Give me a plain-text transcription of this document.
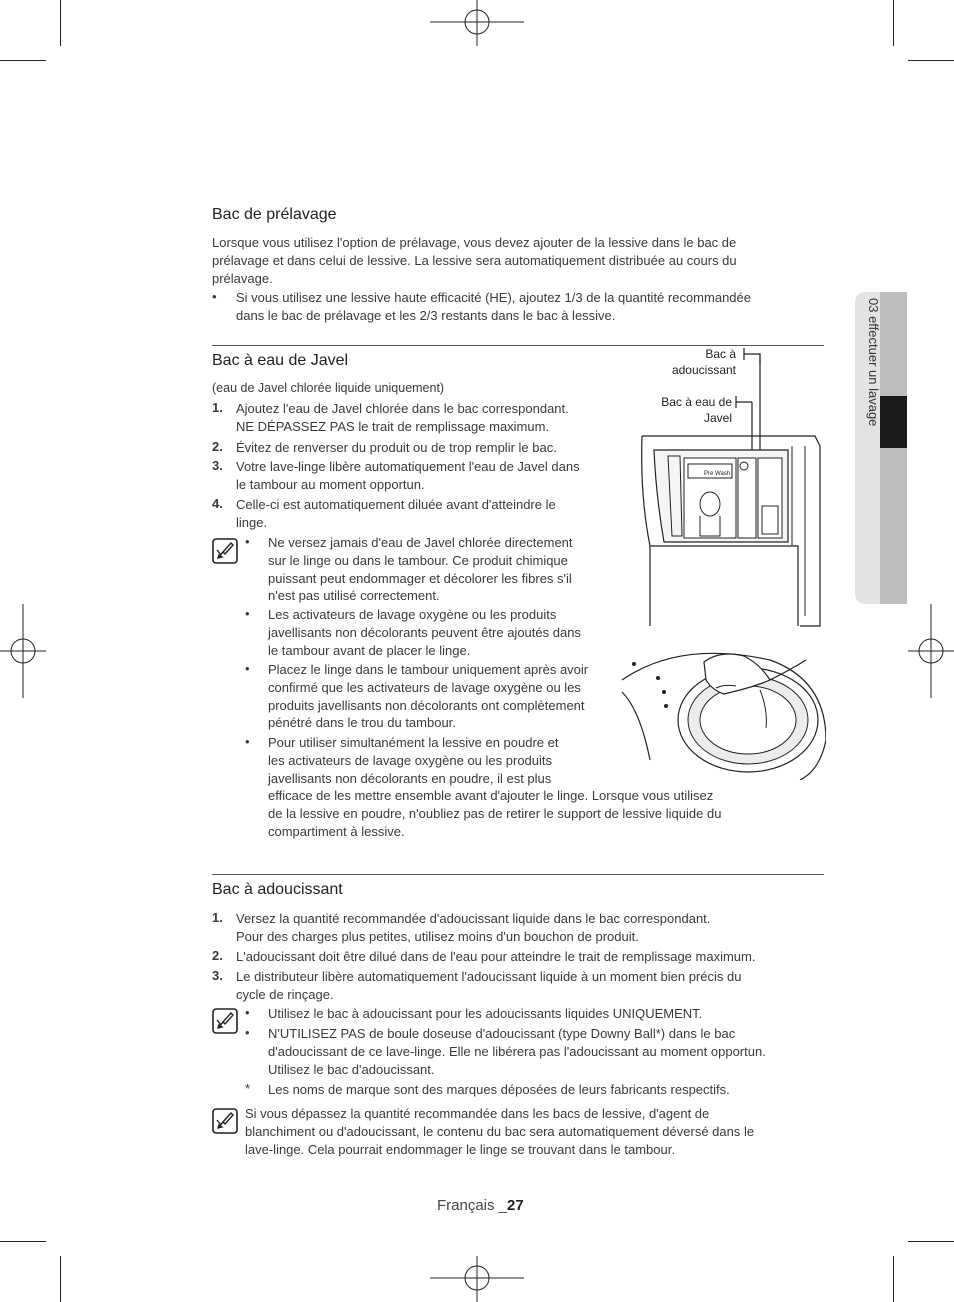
03 effectuer un lavage
Bac de prélavage
Lorsque vous utilisez l'option de prélavage, vous devez ajouter de la lessive dans le bac de
prélavage et dans celui de lessive. La lessive sera automatiquement distribuée au cours du
prélavage.
• Si vous utilisez une lessive haute efficacité (HE), ajoutez 1/3 de la quantité recommandée
dans le bac de prélavage et les 2/3 restants dans le bac à lessive.
Bac à eau de Javel
(eau de Javel chlorée liquide uniquement)
1. Ajoutez l'eau de Javel chlorée dans le bac correspondant.
NE DÉPASSEZ PAS le trait de remplissage maximum.
2. Évitez de renverser du produit ou de trop remplir le bac.
3. Votre lave-linge libère automatiquement l'eau de Javel dans
le tambour au moment opportun.
4. Celle-ci est automatiquement diluée avant d'atteindre le
linge.
• Ne versez jamais d'eau de Javel chlorée directement
sur le linge ou dans le tambour. Ce produit chimique
puissant peut endommager et décolorer les fibres s'il
n'est pas utilisé correctement.
• Les activateurs de lavage oxygène ou les produits
javellisants non décolorants peuvent être ajoutés dans
le tambour avant de placer le linge.
• Placez le linge dans le tambour uniquement après avoir
confirmé que les activateurs de lavage oxygène ou les
produits javellisants non décolorants ont complètement
pénétré dans le trou du tambour.
• Pour utiliser simultanément la lessive en poudre et
les activateurs de lavage oxygène ou les produits
javellisants non décolorants en poudre, il est plus
efficace de les mettre ensemble avant d'ajouter le linge. Lorsque vous utilisez
de la lessive en poudre, n'oubliez pas de retirer le support de lessive liquide du
compartiment à lessive.
Bac à
adoucissant
Bac à eau de
Javel
Pre Wash
Bac à adoucissant
1. Versez la quantité recommandée d'adoucissant liquide dans le bac correspondant.
Pour des charges plus petites, utilisez moins d'un bouchon de produit.
2. L'adoucissant doit être dilué dans de l'eau pour atteindre le trait de remplissage maximum.
3. Le distributeur libère automatiquement l'adoucissant liquide à un moment bien précis du
cycle de rinçage.
• Utilisez le bac à adoucissant pour les adoucissants liquides UNIQUEMENT.
• N'UTILISEZ PAS de boule doseuse d'adoucissant (type Downy Ball*) dans le bac
d'adoucissant de ce lave-linge. Elle ne libérera pas l'adoucissant au moment opportun.
Utilisez le bac d'adoucissant.
* Les noms de marque sont des marques déposées de leurs fabricants respectifs.
Si vous dépassez la quantité recommandée dans les bacs de lessive, d'agent de
blanchiment ou d'adoucissant, le contenu du bac sera automatiquement déversé dans le
lave-linge. Cela pourrait endommager le linge se trouvant dans le tambour.
Français _27
